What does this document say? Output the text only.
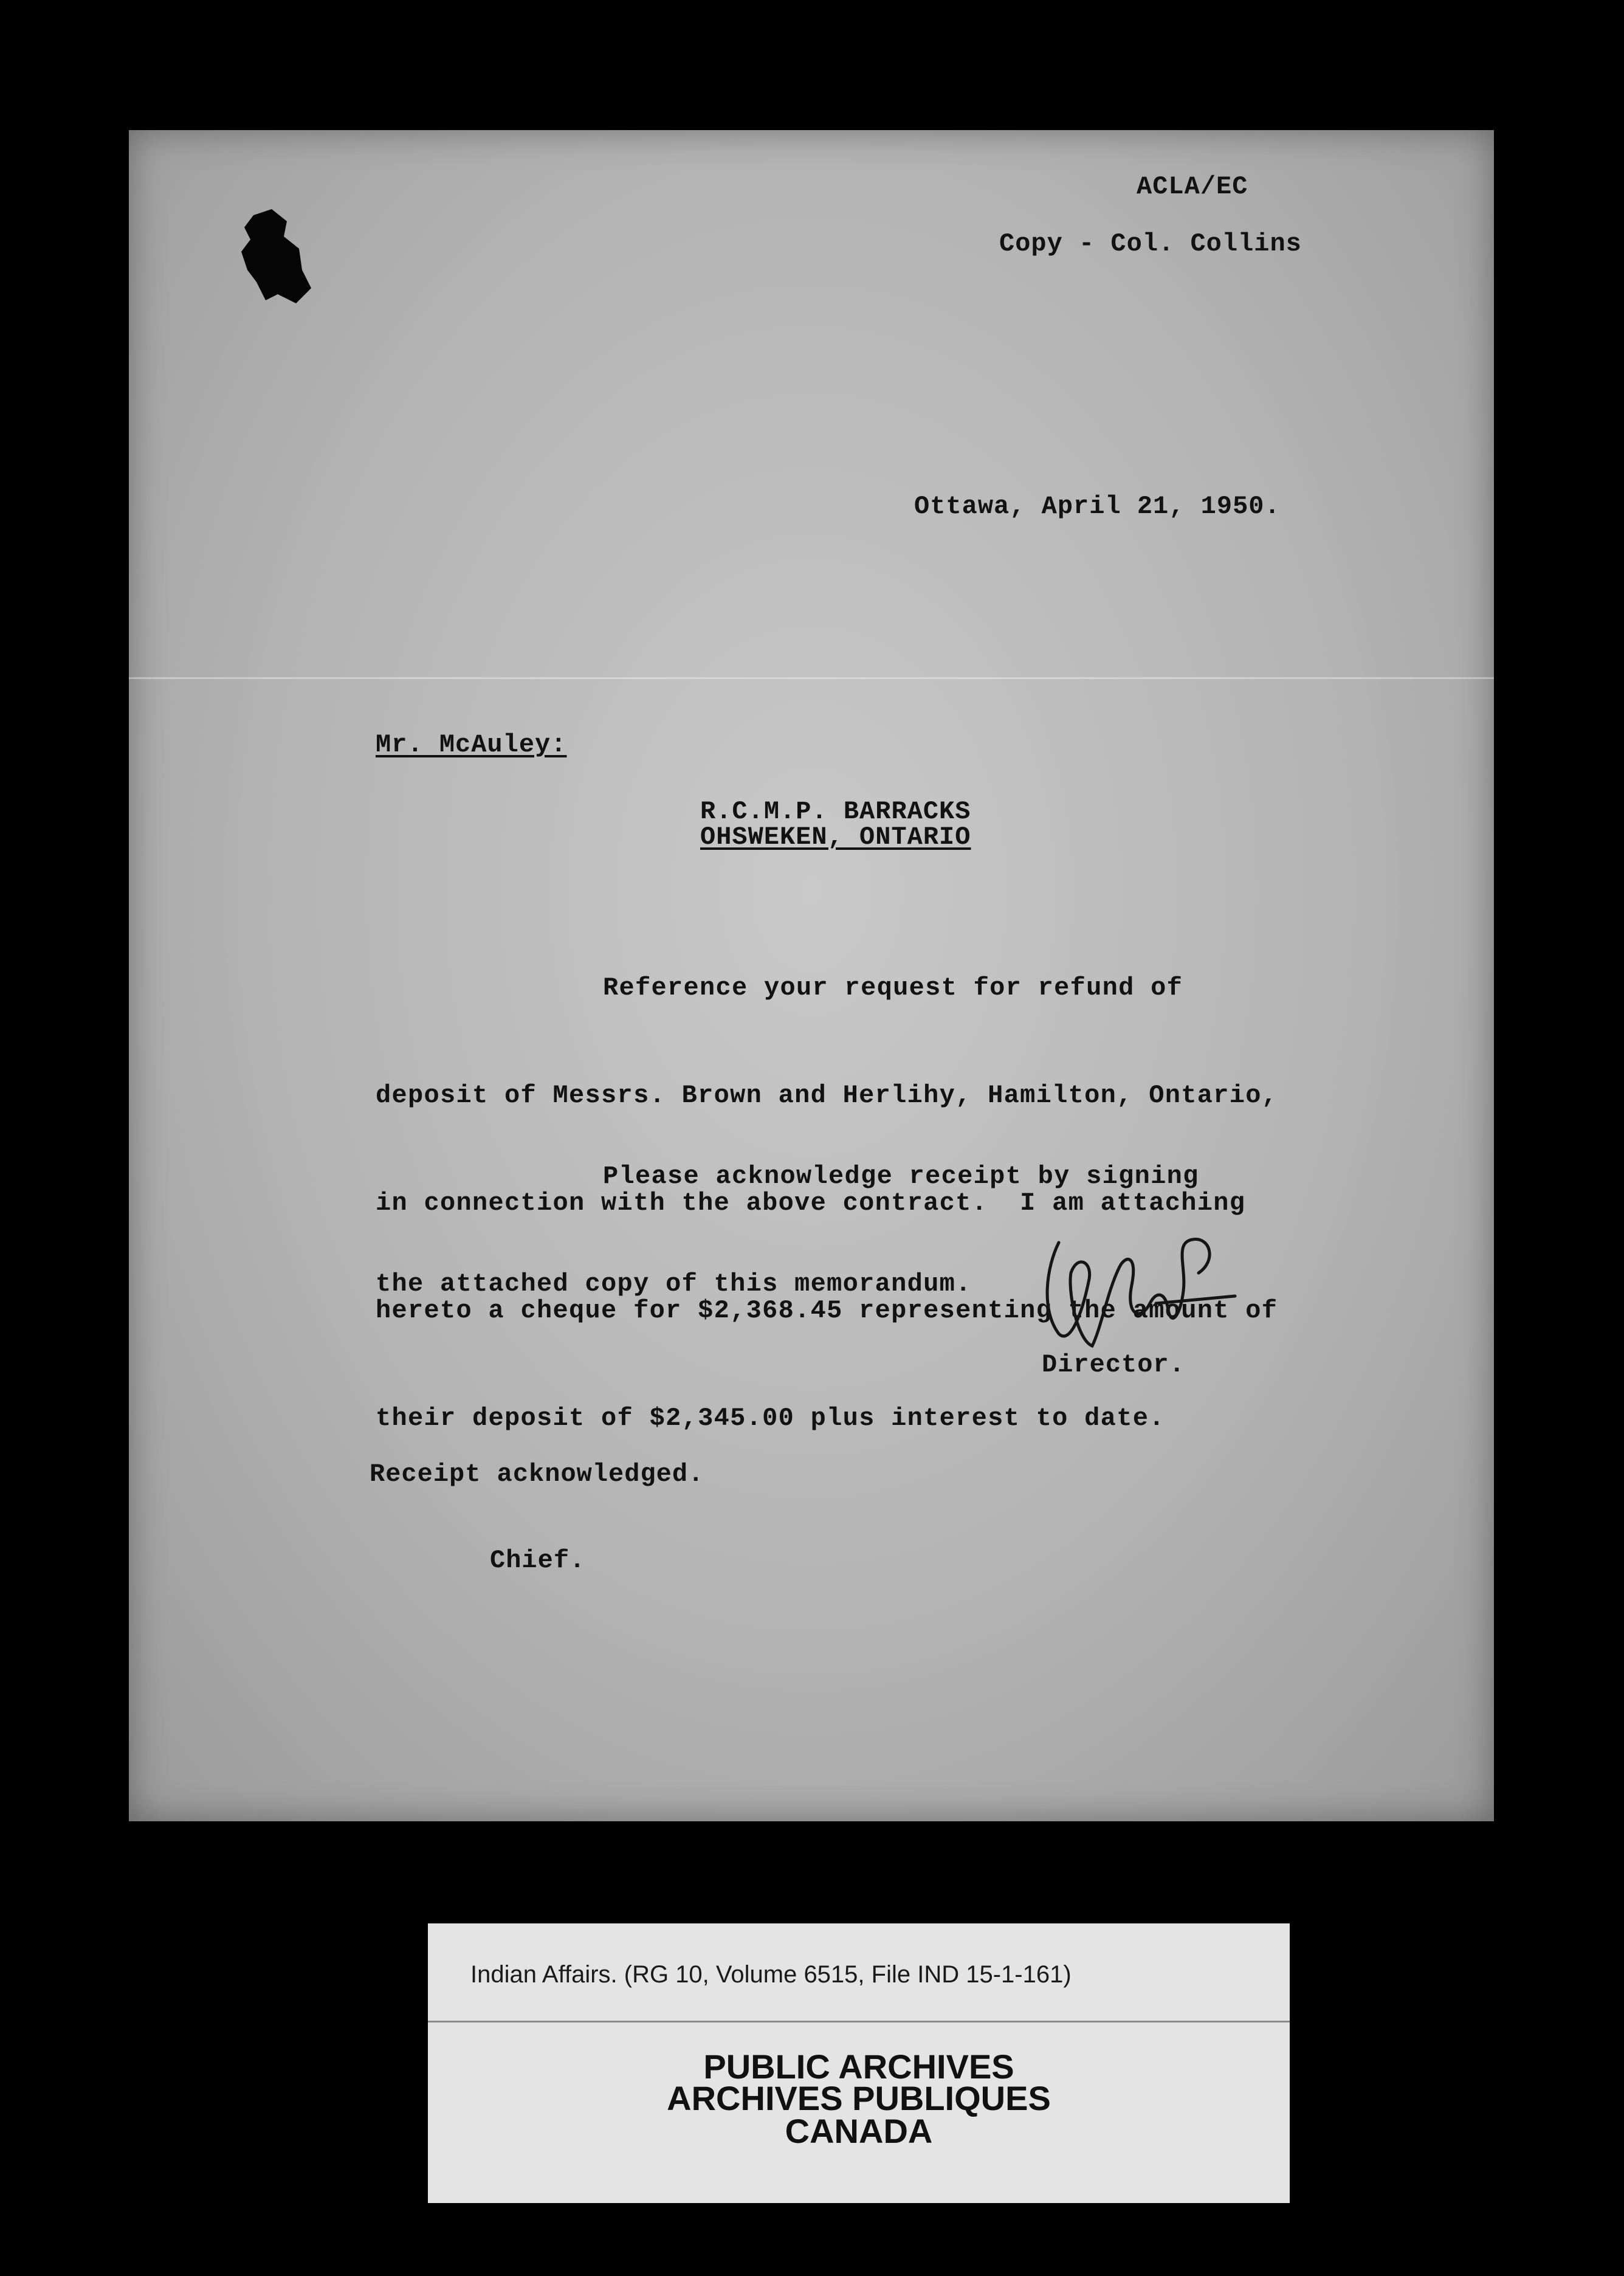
ACLA/EC
Copy - Col. Collins
Ottawa, April 21, 1950.
Mr. McAuley:
R.C.M.P. BARRACKS
OHSWEKEN, ONTARIO

Reference your request for refund of

deposit of Messrs. Brown and Herlihy, Hamilton, Ontario,

in connection with the above contract.  I am attaching

hereto a cheque for $2,368.45 representing the amount of

their deposit of $2,345.00 plus interest to date.

Please acknowledge receipt by signing

the attached copy of this memorandum.

Director.
Receipt acknowledged.
Chief.
Indian Affairs. (RG 10, Volume 6515, File IND 15-1-161)
PUBLIC ARCHIVES
ARCHIVES PUBLIQUES
CANADA
